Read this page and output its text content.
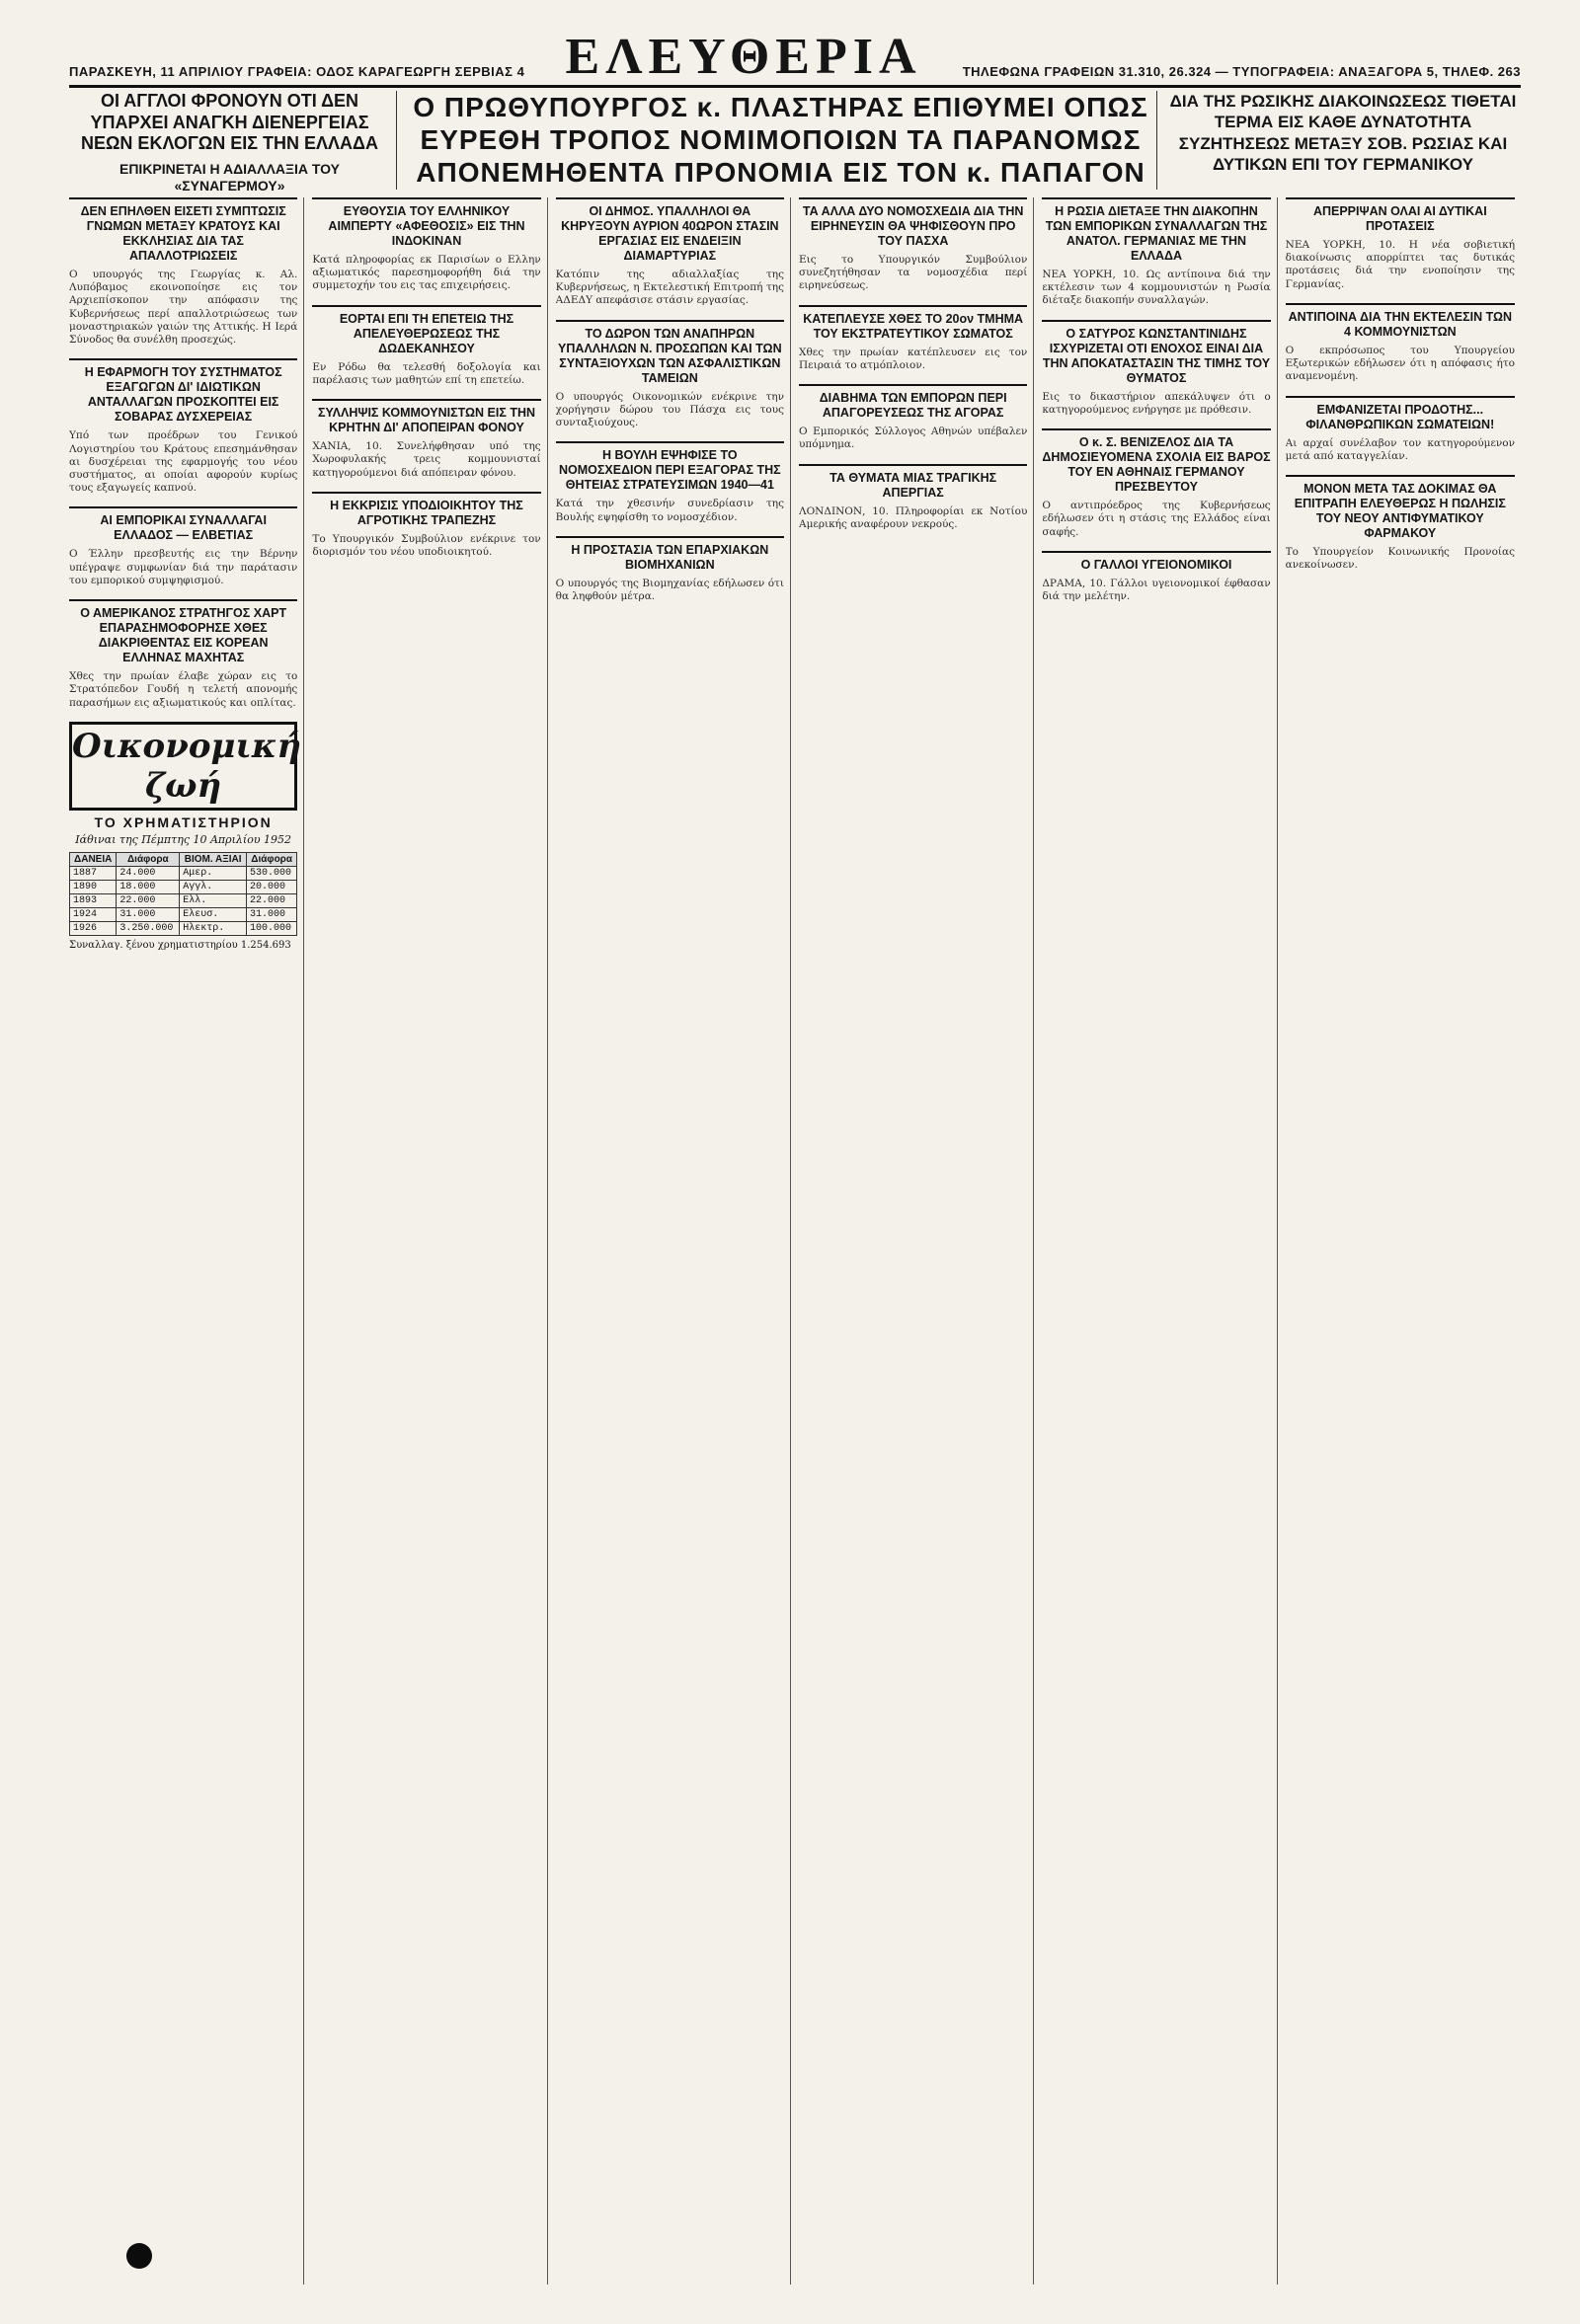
ΠΑΡΑΣΚΕΥΗ, 11 ΑΠΡΙΛΙΟΥ ΓΡΑΦΕΙΑ: ΟΔΟΣ ΚΑΡΑΓΕΩΡΓΗ ΣΕΡΒΙΑΣ 4 ΕΛΕΥΘΕΡΙΑ	ΤΗΛΕΦΩΝΑ ΓΡΑΦΕΙΩΝ 31.310, 26.324 — ΤΥΠΟΓΡΑΦΕΙΑ: ΑΝΑΞΑΓΟΡΑ 5, ΤΗΛΕΦ. 263
ΟΙ ΑΓΓΛΟΙ ΦΡΟΝΟΥΝ ΟΤΙ ΔΕΝ ΥΠΑΡΧΕΙ ΑΝΑΓΚΗ ΔΙΕΝΕΡΓΕΙΑΣ ΝΕΩΝ ΕΚΛΟΓΩΝ ΕΙΣ ΤΗΝ ΕΛΛΑΔΑ
ΕΠΙΚΡΙΝΕΤΑΙ Η ΑΔΙΑΛΛΑΞΙΑ ΤΟΥ «ΣΥΝΑΓΕΡΜΟΥ»
Ο ΠΡΩΘΥΠΟΥΡΓΟΣ κ. ΠΛΑΣΤΗΡΑΣ ΕΠΙΘΥΜΕΙ ΟΠΩΣ ΕΥΡΕΘΗ ΤΡΟΠΟΣ ΝΟΜΙΜΟΠΟΙΩΝ ΤΑ ΠΑΡΑΝΟΜΩΣ ΑΠΟΝΕΜΗΘΕΝΤΑ ΠΡΟΝΟΜΙΑ ΕΙΣ ΤΟΝ κ. ΠΑΠΑΓΟΝ
ΔΙΑ ΤΗΣ ΡΩΣΙΚΗΣ ΔΙΑΚΟΙΝΩΣΕΩΣ ΤΙΘΕΤΑΙ ΤΕΡΜΑ ΕΙΣ ΚΑΘΕ ΔΥΝΑΤΟΤΗΤΑ ΣΥΖΗΤΗΣΕΩΣ ΜΕΤΑΞΥ ΣΟΒ. ΡΩΣΙΑΣ ΚΑΙ ΔΥΤΙΚΩΝ ΕΠΙ ΤΟΥ ΓΕΡΜΑΝΙΚΟΥ
ΔΕΝ ΕΠΗΛΘΕΝ ΕΙΣΕΤΙ ΣΥΜΠΤΩΣΙΣ ΓΝΩΜΩΝ ΜΕΤΑΞΥ ΚΡΑΤΟΥΣ ΚΑΙ ΕΚΚΛΗΣΙΑΣ ΔΙΑ ΤΑΣ ΑΠΑΛΛΟΤΡΙΩΣΕΙΣ
Ο υπουργός της Γεωργίας κ. Αλ. Λυπόβαμος εκοινοποίησε εις τον Αρχιεπίσκοπον την απόφασιν της Κυβερνήσεως περί απαλλοτριώσεως των μοναστηριακών γαιών της Αττικής. Η Ιερά Σύνοδος θα συνέλθη προσεχώς.
Η ΕΦΑΡΜΟΓΗ ΤΟΥ ΣΥΣΤΗΜΑΤΟΣ ΕΞΑΓΩΓΩΝ ΔΙ' ΙΔΙΩΤΙΚΩΝ ΑΝΤΑΛΛΑΓΩΝ ΠΡΟΣΚΟΠΤΕΙ ΕΙΣ ΣΟΒΑΡΑΣ ΔΥΣΧΕΡΕΙΑΣ
Υπό των προέδρων του Γενικού Λογιστηρίου του Κράτους επεσημάνθησαν αι δυσχέρειαι της εφαρμογής του νέου συστήματος, αι οποίαι αφορούν κυρίως τους εξαγωγείς καπνού.
ΑΙ ΕΜΠΟΡΙΚΑΙ ΣΥΝΑΛΛΑΓΑΙ ΕΛΛΑΔΟΣ — ΕΛΒΕΤΙΑΣ
Ο Έλλην πρεσβευτής εις την Βέρνην υπέγραψε συμφωνίαν διά την παράτασιν του εμπορικού συμψηφισμού.
Ο ΑΜΕΡΙΚΑΝΟΣ ΣΤΡΑΤΗΓΟΣ ΧΑΡΤ ΕΠΑΡΑΣΗΜΟΦΟΡΗΣΕ ΧΘΕΣ ΔΙΑΚΡΙΘΕΝΤΑΣ ΕΙΣ ΚΟΡΕΑΝ ΕΛΛΗΝΑΣ ΜΑΧΗΤΑΣ
Χθες την πρωίαν έλαβε χώραν εις το Στρατόπεδον Γουδή η τελετή απονομής παρασήμων εις αξιωματικούς και οπλίτας.
Οικονομική ζωή
ΤΟ ΧΡΗΜΑΤΙΣΤΗΡΙΟΝ
Ιάθιναι της Πέμπτης 10 Απριλίου 1952
ΔΑΝΕΙΑ	Διάφορα	ΒΙΟΜ. ΑΞΙΑΙ	Διάφορα
1887	24.000	Αμερ.	530.000
1890	18.000	Αγγλ.	20.000
1893	22.000	Ελλ.	22.000
1924	31.000	Ελευσ.	31.000
1926	3.250.000	Ηλεκτρ.	100.000
Συναλλαγ. ξένου χρηματιστηρίου 1.254.693
ΕΥΘΟΥΣΙΑ ΤΟΥ ΕΛΛΗΝΙΚΟΥ ΑΙΜΠΕΡΤΥ «ΑΦΕΘΟΣΙΣ» ΕΙΣ ΤΗΝ ΙΝΔΟΚΙΝΑΝ
Κατά πληροφορίας εκ Παρισίων ο Ελλην αξιωματικός παρεσημοφορήθη διά την συμμετοχήν του εις τας επιχειρήσεις.
ΕΟΡΤΑΙ ΕΠΙ ΤΗ ΕΠΕΤΕΙΩ ΤΗΣ ΑΠΕΛΕΥΘΕΡΩΣΕΩΣ ΤΗΣ ΔΩΔΕΚΑΝΗΣΟΥ
Εν Ρόδω θα τελεσθή δοξολογία και παρέλασις των μαθητών επί τη επετείω.
ΣΥΛΛΗΨΙΣ ΚΟΜΜΟΥΝΙΣΤΩΝ ΕΙΣ ΤΗΝ ΚΡΗΤΗΝ ΔΙ' ΑΠΟΠΕΙΡΑΝ ΦΟΝΟΥ
ΧΑΝΙΑ, 10. Συνελήφθησαν υπό της Χωροφυλακής τρεις κομμουνισταί κατηγορούμενοι διά απόπειραν φόνου.
Η ΕΚΚΡΙΣΙΣ ΥΠΟΔΙΟΙΚΗΤΟΥ ΤΗΣ ΑΓΡΟΤΙΚΗΣ ΤΡΑΠΕΖΗΣ
Το Υπουργικόν Συμβούλιον ενέκρινε τον διορισμόν του νέου υποδιοικητού.
ΟΙ ΔΗΜΟΣ. ΥΠΑΛΛΗΛΟΙ ΘΑ ΚΗΡΥΞΟΥΝ ΑΥΡΙΟΝ 40ΩΡΟΝ ΣΤΑΣΙΝ ΕΡΓΑΣΙΑΣ ΕΙΣ ΕΝΔΕΙΞΙΝ ΔΙΑΜΑΡΤΥΡΙΑΣ
Κατόπιν της αδιαλλαξίας της Κυβερνήσεως, η Εκτελεστική Επιτροπή της ΑΔΕΔΥ απεφάσισε στάσιν εργασίας.
ΤΟ ΔΩΡΟΝ ΤΩΝ ΑΝΑΠΗΡΩΝ ΥΠΑΛΛΗΛΩΝ Ν. ΠΡΟΣΩΠΩΝ ΚΑΙ ΤΩΝ ΣΥΝΤΑΞΙΟΥΧΩΝ ΤΩΝ ΑΣΦΑΛΙΣΤΙΚΩΝ ΤΑΜΕΙΩΝ
Ο υπουργός Οικονομικών ενέκρινε την χορήγησιν δώρου του Πάσχα εις τους συνταξιούχους.
Η ΒΟΥΛΗ ΕΨΗΦΙΣΕ ΤΟ ΝΟΜΟΣΧΕΔΙΟΝ ΠΕΡΙ ΕΞΑΓΟΡΑΣ ΤΗΣ ΘΗΤΕΙΑΣ ΣΤΡΑΤΕΥΣΙΜΩΝ 1940—41
Κατά την χθεσινήν συνεδρίασιν της Βουλής εψηφίσθη το νομοσχέδιον.
Η ΠΡΟΣΤΑΣΙΑ ΤΩΝ ΕΠΑΡΧΙΑΚΩΝ ΒΙΟΜΗΧΑΝΙΩΝ
Ο υπουργός της Βιομηχανίας εδήλωσεν ότι θα ληφθούν μέτρα.
ΤΑ ΑΛΛΑ ΔΥΟ ΝΟΜΟΣΧΕΔΙΑ ΔΙΑ ΤΗΝ ΕΙΡΗΝΕΥΣΙΝ ΘΑ ΨΗΦΙΣΘΟΥΝ ΠΡΟ ΤΟΥ ΠΑΣΧΑ
Εις το Υπουργικόν Συμβούλιον συνεζητήθησαν τα νομοσχέδια περί ειρηνεύσεως.
ΚΑΤΕΠΛΕΥΣΕ ΧΘΕΣ ΤΟ 20ον ΤΜΗΜΑ ΤΟΥ ΕΚΣΤΡΑΤΕΥΤΙΚΟΥ ΣΩΜΑΤΟΣ
Χθες την πρωίαν κατέπλευσεν εις τον Πειραιά το ατμόπλοιον.
ΔΙΑΒΗΜΑ ΤΩΝ ΕΜΠΟΡΩΝ ΠΕΡΙ ΑΠΑΓΟΡΕΥΣΕΩΣ ΤΗΣ ΑΓΟΡΑΣ
Ο Εμπορικός Σύλλογος Αθηνών υπέβαλεν υπόμνημα.
ΤΑ ΘΥΜΑΤΑ ΜΙΑΣ ΤΡΑΓΙΚΗΣ ΑΠΕΡΓΙΑΣ
ΛΟΝΔΙΝΟΝ, 10. Πληροφορίαι εκ Νοτίου Αμερικής αναφέρουν νεκρούς.
Η ΡΩΣΙΑ ΔΙΕΤΑΞΕ ΤΗΝ ΔΙΑΚΟΠΗΝ ΤΩΝ ΕΜΠΟΡΙΚΩΝ ΣΥΝΑΛΛΑΓΩΝ ΤΗΣ ΑΝΑΤΟΛ. ΓΕΡΜΑΝΙΑΣ ΜΕ ΤΗΝ ΕΛΛΑΔΑ
ΝΕΑ ΥΟΡΚΗ, 10. Ως αντίποινα διά την εκτέλεσιν των 4 κομμουνιστών η Ρωσία διέταξε διακοπήν συναλλαγών.
Ο ΣΑΤΥΡΟΣ ΚΩΝΣΤΑΝΤΙΝΙΔΗΣ ΙΣΧΥΡΙΖΕΤΑΙ ΟΤΙ ΕΝΟΧΟΣ ΕΙΝΑΙ ΔΙΑ ΤΗΝ ΑΠΟΚΑΤΑΣΤΑΣΙΝ ΤΗΣ ΤΙΜΗΣ ΤΟΥ ΘΥΜΑΤΟΣ
Εις το δικαστήριον απεκάλυψεν ότι ο κατηγορούμενος ενήργησε με πρόθεσιν.
Ο κ. Σ. ΒΕΝΙΖΕΛΟΣ ΔΙΑ ΤΑ ΔΗΜΟΣΙΕΥΟΜΕΝΑ ΣΧΟΛΙΑ ΕΙΣ ΒΑΡΟΣ ΤΟΥ ΕΝ ΑΘΗΝΑΙΣ ΓΕΡΜΑΝΟΥ ΠΡΕΣΒΕΥΤΟΥ
Ο αντιπρόεδρος της Κυβερνήσεως εδήλωσεν ότι η στάσις της Ελλάδος είναι σαφής.
Ο ΓΑΛΛΟΙ ΥΓΕΙΟΝΟΜΙΚΟΙ
ΔΡΑΜΑ, 10. Γάλλοι υγειονομικοί έφθασαν διά την μελέτην.
ΑΠΕΡΡΙΨΑΝ ΟΛΑΙ ΑΙ ΔΥΤΙΚΑΙ ΠΡΟΤΑΣΕΙΣ
ΝΕΑ ΥΟΡΚΗ, 10. Η νέα σοβιετική διακοίνωσις απορρίπτει τας δυτικάς προτάσεις διά την ενοποίησιν της Γερμανίας.
ΑΝΤΙΠΟΙΝΑ ΔΙΑ ΤΗΝ ΕΚΤΕΛΕΣΙΝ ΤΩΝ 4 ΚΟΜΜΟΥΝΙΣΤΩΝ
Ο εκπρόσωπος του Υπουργείου Εξωτερικών εδήλωσεν ότι η απόφασις ήτο αναμενομένη.
ΕΜΦΑΝΙΖΕΤΑΙ ΠΡΟΔΟΤΗΣ... ΦΙΛΑΝΘΡΩΠΙΚΩΝ ΣΩΜΑΤΕΙΩΝ!
Αι αρχαί συνέλαβον τον κατηγορούμενον μετά από καταγγελίαν.
ΜΟΝΟΝ ΜΕΤΑ ΤΑΣ ΔΟΚΙΜΑΣ ΘΑ ΕΠΙΤΡΑΠΗ ΕΛΕΥΘΕΡΩΣ Η ΠΩΛΗΣΙΣ ΤΟΥ ΝΕΟΥ ΑΝΤΙΦΥΜΑΤΙΚΟΥ ΦΑΡΜΑΚΟΥ
Το Υπουργείον Κοινωνικής Προνοίας ανεκοίνωσεν.
